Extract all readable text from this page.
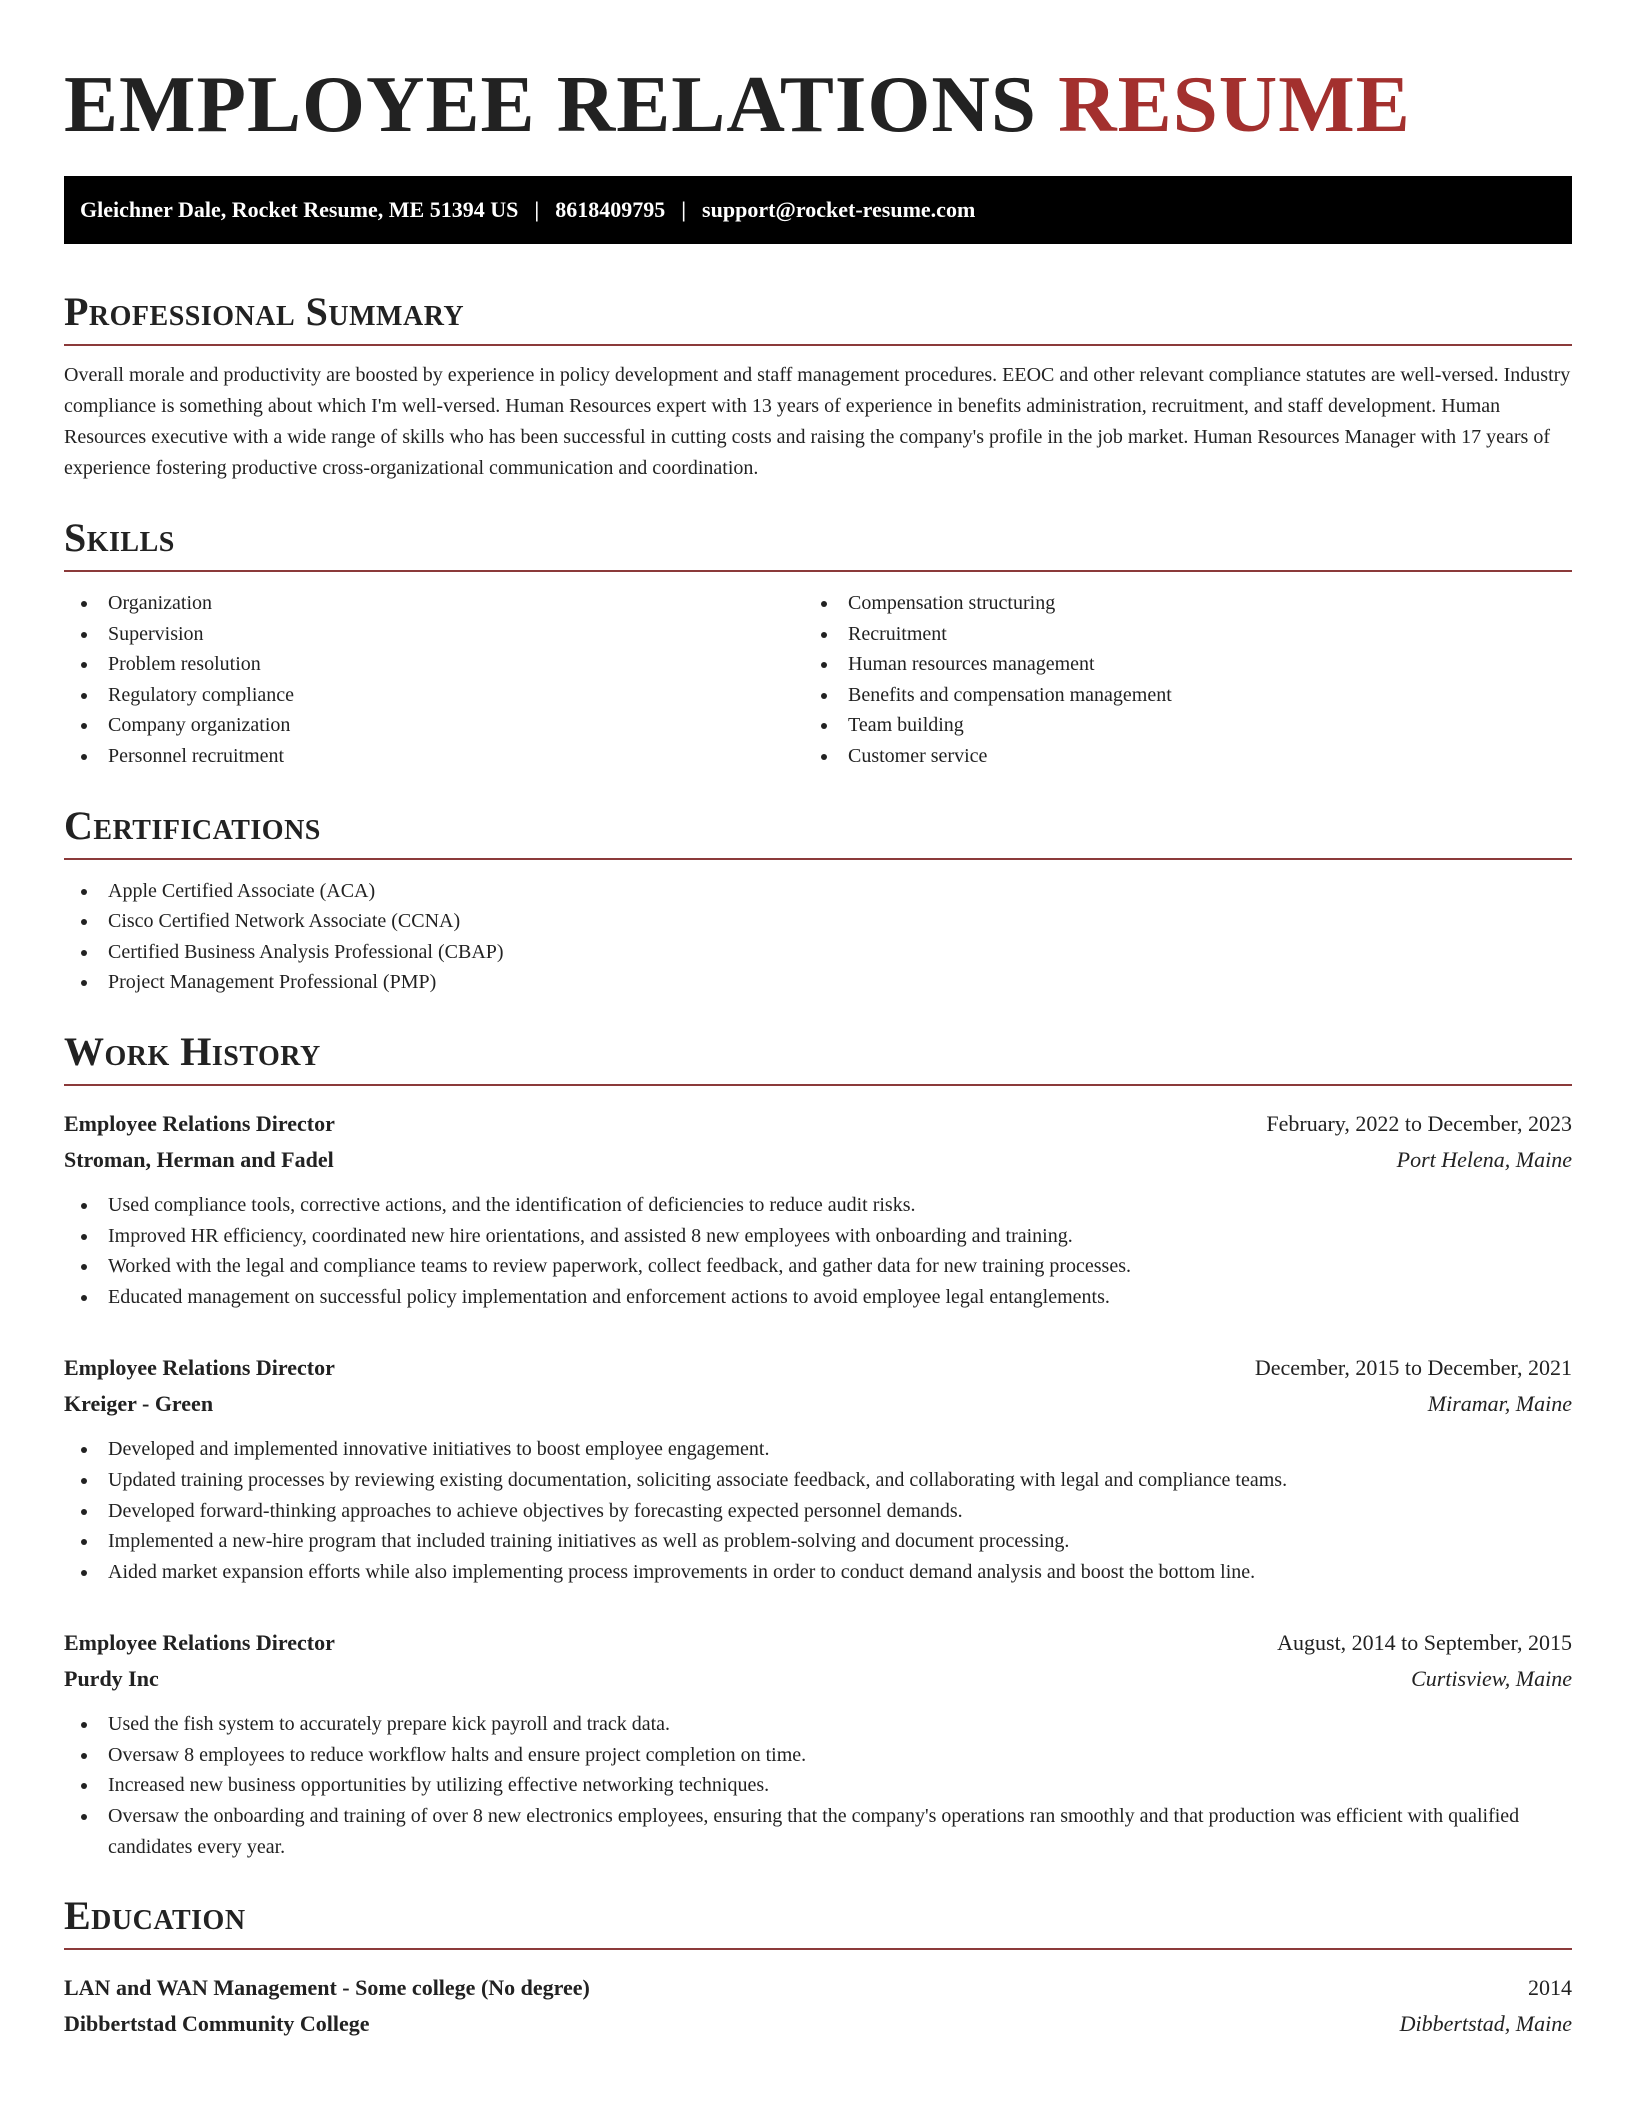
EMPLOYEE RELATIONS RESUME
Gleichner Dale, Rocket Resume, ME 51394 US | 8618409795 | support@rocket-resume.com
Professional Summary

Overall morale and productivity are boosted by experience in policy development and staff management procedures. EEOC and other relevant compliance statutes are well-versed. Industry compliance is something about which I'm well-versed. Human Resources expert with 13 years of experience in benefits administration, recruitment, and staff development. Human Resources executive with a wide range of skills who has been successful in cutting costs and raising the company's profile in the job market. Human Resources Manager with 17 years of experience fostering productive cross-organizational communication and coordination.

Skills
Organization
Supervision
Problem resolution
Regulatory compliance
Company organization
Personnel recruitment
Compensation structuring
Recruitment
Human resources management
Benefits and compensation management
Team building
Customer service
Certifications
Apple Certified Associate (ACA)
Cisco Certified Network Associate (CCNA)
Certified Business Analysis Professional (CBAP)
Project Management Professional (PMP)
Work History
Employee Relations Director	February, 2022 to December, 2023
Stroman, Herman and Fadel	Port Helena, Maine
Used compliance tools, corrective actions, and the identification of deficiencies to reduce audit risks.
Improved HR efficiency, coordinated new hire orientations, and assisted 8 new employees with onboarding and training.
Worked with the legal and compliance teams to review paperwork, collect feedback, and gather data for new training processes.
Educated management on successful policy implementation and enforcement actions to avoid employee legal entanglements.
Employee Relations Director	December, 2015 to December, 2021
Kreiger - Green	Miramar, Maine
Developed and implemented innovative initiatives to boost employee engagement.
Updated training processes by reviewing existing documentation, soliciting associate feedback, and collaborating with legal and compliance teams.
Developed forward-thinking approaches to achieve objectives by forecasting expected personnel demands.
Implemented a new-hire program that included training initiatives as well as problem-solving and document processing.
Aided market expansion efforts while also implementing process improvements in order to conduct demand analysis and boost the bottom line.
Employee Relations Director	August, 2014 to September, 2015
Purdy Inc	Curtisview, Maine
Used the fish system to accurately prepare kick payroll and track data.
Oversaw 8 employees to reduce workflow halts and ensure project completion on time.
Increased new business opportunities by utilizing effective networking techniques.
Oversaw the onboarding and training of over 8 new electronics employees, ensuring that the company's operations ran smoothly and that production was efficient with qualified candidates every year.
Education
LAN and WAN Management - Some college (No degree)	2014
Dibbertstad Community College	Dibbertstad, Maine
